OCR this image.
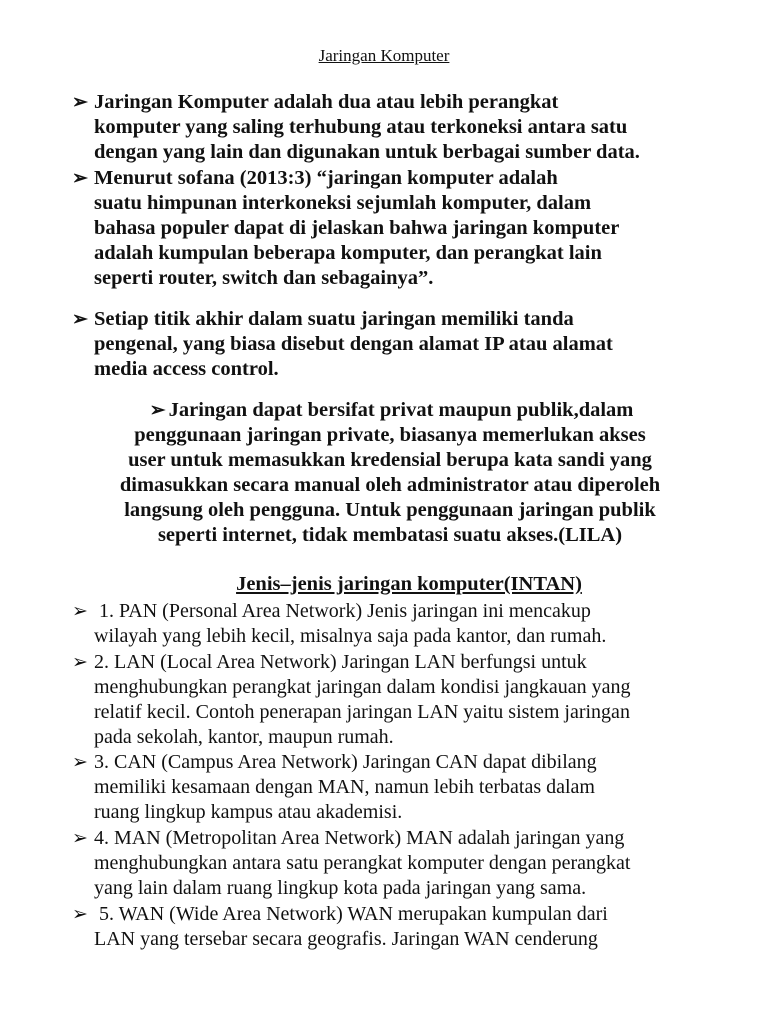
Jaringan Komputer
➢ Jaringan Komputer adalah dua atau lebih perangkat
komputer yang saling terhubung atau terkoneksi antara satu
dengan yang lain dan digunakan untuk berbagai sumber data.
➢ Menurut sofana (2013:3) “jaringan komputer adalah
suatu himpunan interkoneksi sejumlah komputer, dalam
bahasa populer dapat di jelaskan bahwa jaringan komputer
adalah kumpulan beberapa komputer, dan perangkat lain
seperti router, switch dan sebagainya”.
➢ Setiap titik akhir dalam suatu jaringan memiliki tanda
pengenal, yang biasa disebut dengan alamat IP atau alamat
media access control.
➢ Jaringan dapat bersifat privat maupun publik,dalam
penggunaan jaringan private, biasanya memerlukan akses
user untuk memasukkan kredensial berupa kata sandi yang
dimasukkan secara manual oleh administrator atau diperoleh
langsung oleh pengguna. Untuk penggunaan jaringan publik
seperti internet, tidak membatasi suatu akses.(LILA)
Jenis–jenis jaringan komputer(INTAN)
➢ 1. PAN (Personal Area Network) Jenis jaringan ini mencakup
wilayah yang lebih kecil, misalnya saja pada kantor, dan rumah.
➢ 2. LAN (Local Area Network) Jaringan LAN berfungsi untuk
menghubungkan perangkat jaringan dalam kondisi jangkauan yang
relatif kecil. Contoh penerapan jaringan LAN yaitu sistem jaringan
pada sekolah, kantor, maupun rumah.
➢ 3. CAN (Campus Area Network) Jaringan CAN dapat dibilang
memiliki kesamaan dengan MAN, namun lebih terbatas dalam
ruang lingkup kampus atau akademisi.
➢ 4. MAN (Metropolitan Area Network) MAN adalah jaringan yang
menghubungkan antara satu perangkat komputer dengan perangkat
yang lain dalam ruang lingkup kota pada jaringan yang sama.
➢ 5. WAN (Wide Area Network) WAN merupakan kumpulan dari
LAN yang tersebar secara geografis. Jaringan WAN cenderung
